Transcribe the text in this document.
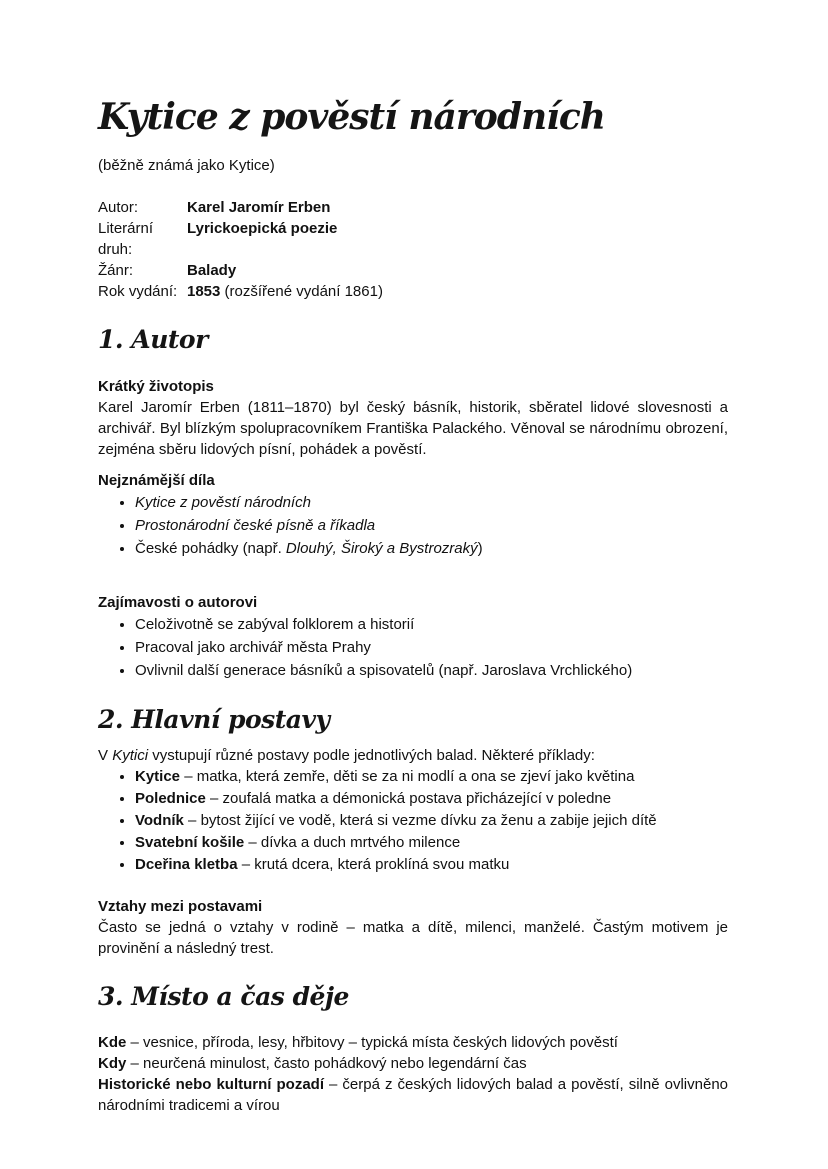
Kytice z pověstí národních

(běžně známá jako Kytice)

Autor:	Karel Jaromír Erben
Literární druh:
Lyrickoepická poezie
Žánr:	Balady
Rok vydání: 1853 (rozšířené vydání 1861)
1. Autor

Krátký životopis

Karel Jaromír Erben (1811–1870) byl český básník, historik, sběratel lidové slovesnosti a archivář. Byl blízkým spolupracovníkem Františka Palackého. Věnoval se národnímu obrození, zejména sběru lidových písní, pohádek a pověstí.

Nejznámější díla

• Kytice z pověstí národních
• Prostonárodní české písně a říkadla
• České pohádky (např. Dlouhý, Široký a Bystrozraký)

Zajímavosti o autorovi

• Celoživotně se zabýval folklorem a historií
• Pracoval jako archivář města Prahy
• Ovlivnil další generace básníků a spisovatelů (např. Jaroslava Vrchlického)
2. Hlavní postavy

V Kytici vystupují různé postavy podle jednotlivých balad. Některé příklady:

• Kytice – matka, která zemře, děti se za ni modlí a ona se zjeví jako květina
• Polednice – zoufalá matka a démonická postava přicházející v poledne
• Vodník – bytost žijící ve vodě, která si vezme dívku za ženu a zabije jejich dítě
• Svatební košile – dívka a duch mrtvého milence
• Dceřina kletba – krutá dcera, která proklíná svou matku

Vztahy mezi postavami

Často se jedná o vztahy v rodině – matka a dítě, milenci, manželé. Častým motivem je provinění a následný trest.

3. Místo a čas děje

Kde – vesnice, příroda, lesy, hřbitovy – typická místa českých lidových pověstí

Kdy – neurčená minulost, často pohádkový nebo legendární čas

Historické nebo kulturní pozadí – čerpá z českých lidových balad a pověstí, silně ovlivněno národními tradicemi a vírou
